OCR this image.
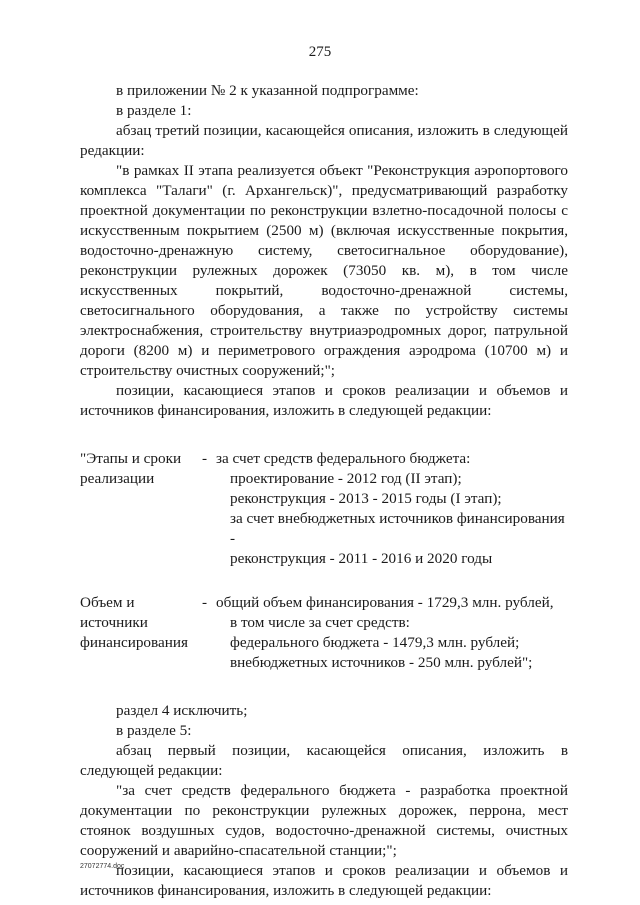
275

в приложении № 2 к указанной подпрограмме:

в разделе 1:

абзац третий позиции, касающейся описания, изложить в следующей редакции:

"в рамках II этапа реализуется объект "Реконструкция аэропортового комплекса "Талаги" (г. Архангельск)", предусматривающий разработку проектной документации по реконструкции взлетно-посадочной полосы с искусственным покрытием (2500 м) (включая искусственные покрытия, водосточно-дренажную систему, светосигнальное оборудование), реконструкции рулежных дорожек (73050 кв. м), в том числе искусственных покрытий, водосточно-дренажной системы, светосигнального оборудования, а также по устройству системы электроснабжения, строительству внутриаэродромных дорог, патрульной дороги (8200 м) и периметрового ограждения аэродрома (10700 м) и строительству очистных сооружений;";

позиции, касающиеся этапов и сроков реализации и объемов и источников финансирования, изложить в следующей редакции:

"Этапы и сроки
реализации
- за счет средств федерального бюджета:
проектирование - 2012 год (II этап);
реконструкция - 2013 - 2015 годы (I этап);
за счет внебюджетных источников финансирования -
реконструкция - 2011 - 2016 и 2020 годы
Объем и
источники
финансирования
- общий объем финансирования - 1729,3 млн. рублей,
в том числе за счет средств:
федерального бюджета - 1479,3 млн. рублей;
внебюджетных источников - 250 млн. рублей";

раздел 4 исключить;

в разделе 5:

абзац первый позиции, касающейся описания, изложить в следующей редакции:

"за счет средств федерального бюджета - разработка проектной документации по реконструкции рулежных дорожек, перрона, мест стоянок воздушных судов, водосточно-дренажной системы, очистных сооружений и аварийно-спасательной станции;";

позиции, касающиеся этапов и сроков реализации и объемов и источников финансирования, изложить в следующей редакции:

27072774.doc
